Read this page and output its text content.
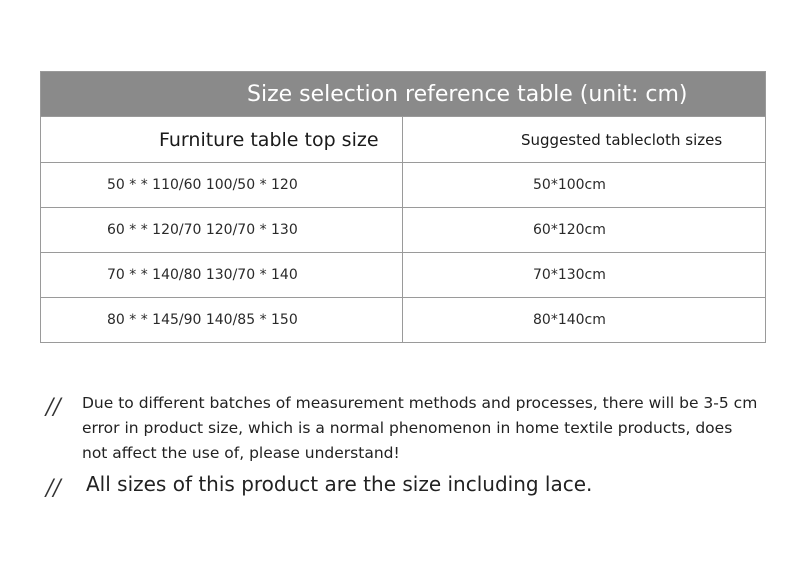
Size selection reference table (unit: cm)	
Furniture table top size	Suggested tablecloth sizes
50 * * 110/60 100/50 * 120	50*100cm
60 * * 120/70 120/70 * 130	60*120cm
70 * * 140/80 130/70 * 140	70*130cm
80 * * 145/90 140/85 * 150	80*140cm
//	Due to different batches of measurement methods and processes, there will be 3-5 cm error in product size, which is a normal phenomenon in home textile products, does not affect the use of, please understand!
//	All sizes of this product are the size including lace.
